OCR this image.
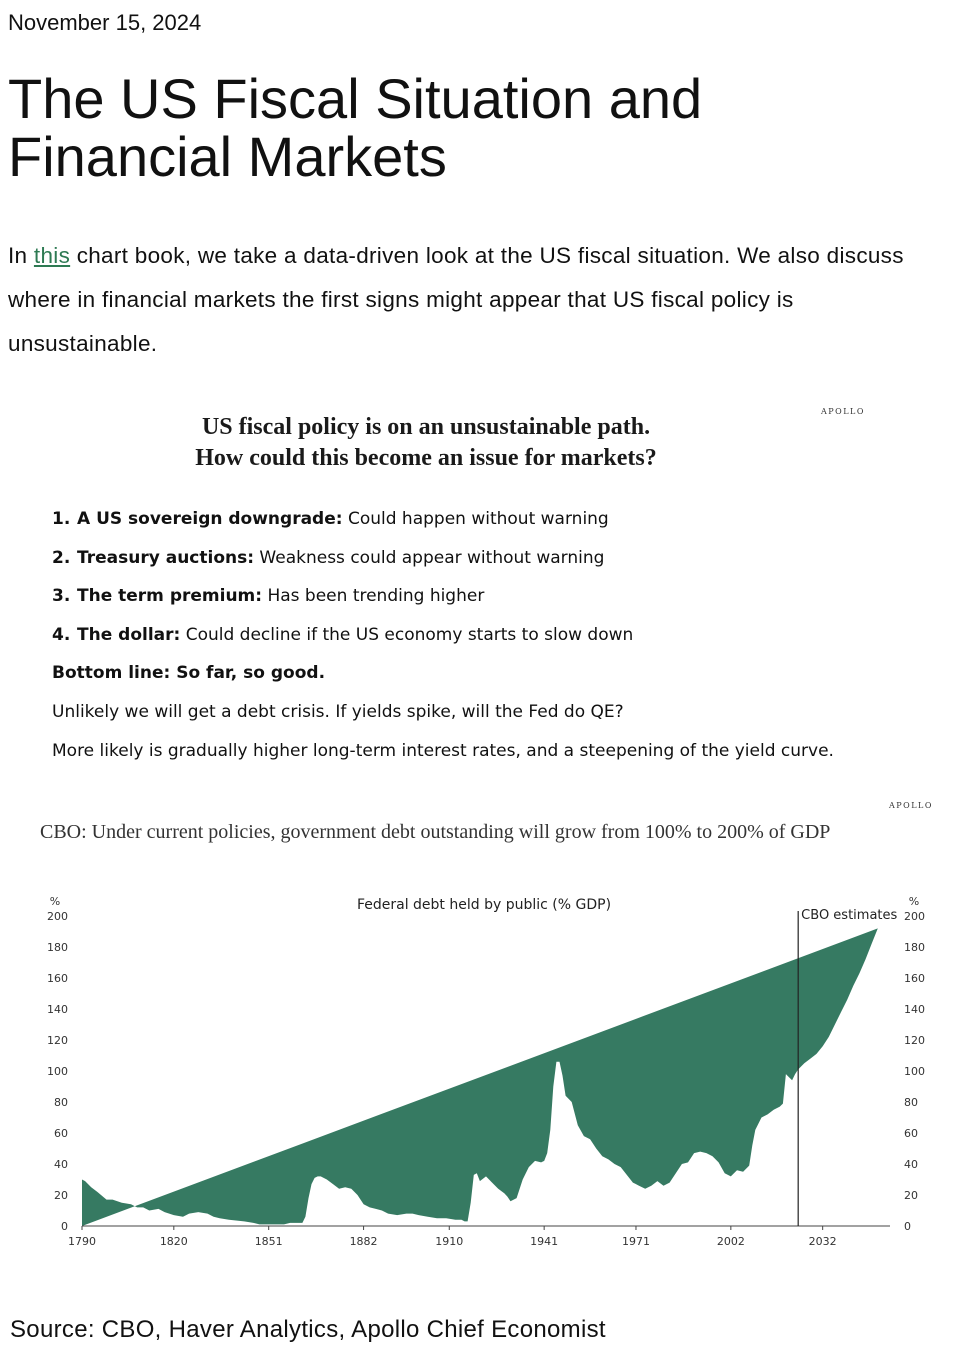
November 15, 2024
The US Fiscal Situation and
Financial Markets

In this chart book, we take a data-driven look at the US fiscal situation. We also discuss where in financial markets the first signs might appear that US fiscal policy is unsustainable.

APOLLO
US fiscal policy is on an unsustainable path.
How could this become an issue for markets?
1. A US sovereign downgrade: Could happen without warning
2. Treasury auctions: Weakness could appear without warning
3. The term premium: Has been trending higher
4. The dollar: Could decline if the US economy starts to slow down
Bottom line: So far, so good.
Unlikely we will get a debt crisis. If yields spike, will the Fed do QE?
More likely is gradually higher long-term interest rates, and a steepening of the yield curve.
APOLLO
CBO: Under current policies, government debt outstanding will grow from 100% to 200% of GDP
1790	1820	1851	1882	1910	1941	1971	2002	2032
0	0
20	20
40	40
60	60
80	80
100	100
120	120
140	140
160	160
180	180
200	200
%	%
Federal debt held by public (% GDP)
CBO estimates
Source: CBO, Haver Analytics, Apollo Chief Economist
